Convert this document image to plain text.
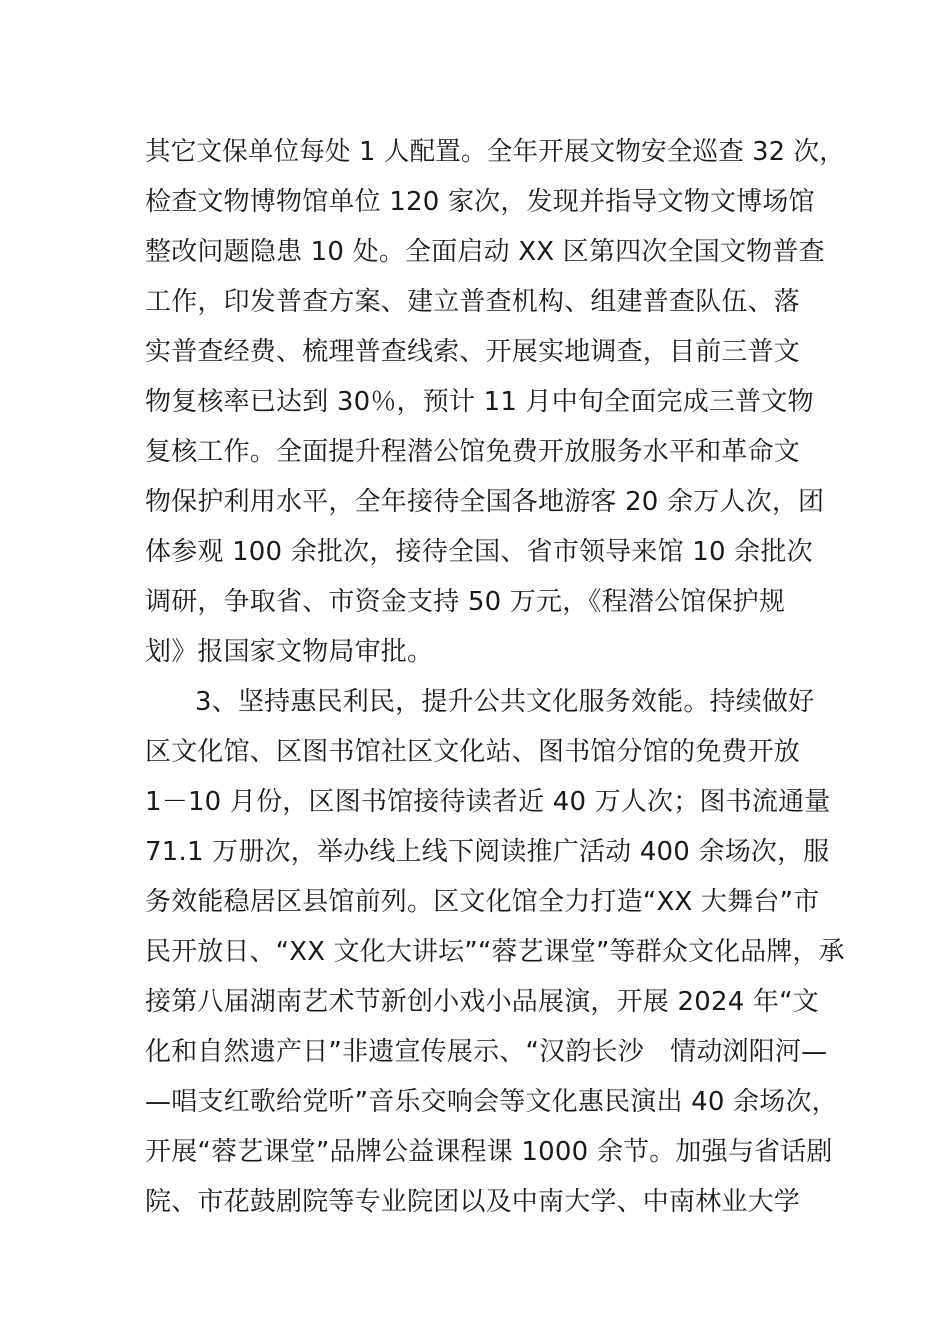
其它文保单位每处 1 人配置。全年开展文物安全巡查 32 次，
检查文物博物馆单位 120 家次，发现并指导文物文博场馆
整改问题隐患 10 处。全面启动 XX 区第四次全国文物普查
工作，印发普查方案、建立普查机构、组建普查队伍、落
实普查经费、梳理普查线索、开展实地调查，目前三普文
物复核率已达到 30％，预计 11 月中旬全面完成三普文物
复核工作。全面提升程潜公馆免费开放服务水平和革命文
物保护利用水平，全年接待全国各地游客 20 余万人次，团
体参观 100 余批次，接待全国、省市领导来馆 10 余批次
调研，争取省、市资金支持 50 万元，《程潜公馆保护规
划》报国家文物局审批。
3、坚持惠民利民，提升公共文化服务效能。持续做好
区文化馆、区图书馆社区文化站、图书馆分馆的免费开放
1－10 月份，区图书馆接待读者近 40 万人次；图书流通量
71.1 万册次，举办线上线下阅读推广活动 400 余场次，服
务效能稳居区县馆前列。区文化馆全力打造“XX 大舞台”市
民开放日、“XX 文化大讲坛”“蓉艺课堂”等群众文化品牌，承
接第八届湖南艺术节新创小戏小品展演，开展 2024 年“文
化和自然遗产日”非遗宣传展示、“汉韵长沙　情动浏阳河—
—唱支红歌给党听”音乐交响会等文化惠民演出 40 余场次，
开展“蓉艺课堂”品牌公益课程课 1000 余节。加强与省话剧
院、市花鼓剧院等专业院团以及中南大学、中南林业大学
